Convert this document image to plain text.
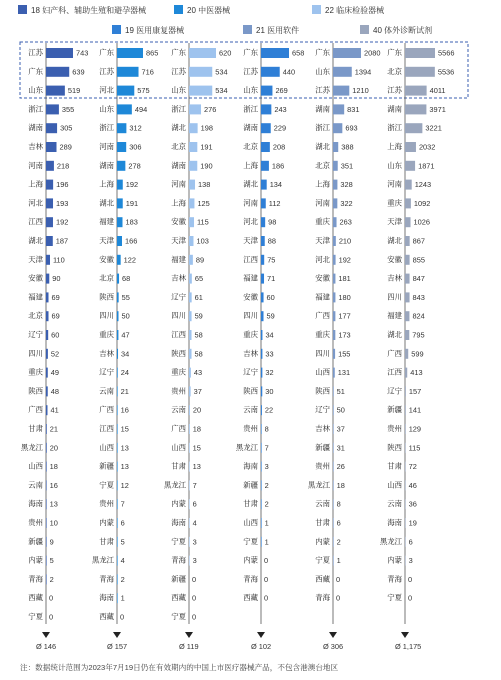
18 妇产科、辅助生殖和避孕器械	20 中医器械	22 临床检验器械
19 医用康复器械	21 医用软件	40 体外诊断试剂
江苏	743
广东	639
山东	519
浙江	355
湖南 305
吉林 289
河南 218
上海 196
河北 193
江西 192
湖北 187
天津 110
安徽 90
福建 69
北京 69
辽宁 60
四川 52
重庆 49
陕西 48
广西 41
甘肃 21
黑龙江 20
山西 18
云南 16
海南 13
贵州 10
新疆 9
内蒙 5
青海 2
西藏 0
宁夏 0
Ø 146
广东	865
江苏	716
河北	575
山东	494
浙江 312
河南 306
湖南 278
上海 192
湖北 191
福建 183
天津 166
安徽 122
北京 68
陕西 55
四川 50
重庆 47
吉林 34
辽宁 24
云南 21
广西 16
江西 15
山西 13
新疆 13
宁夏 12
贵州 7
内蒙 6
甘肃 5
黑龙江 4
青海 2
海南 1
西藏 0
Ø 157
广东	620
江苏	534
山东	534
浙江 276
湖北 198
北京 191
湖南 190
河南 138
上海 125
安徽 115
天津 103
福建 89
吉林 65
辽宁 61
四川 59
江西 58
陕西 58
重庆 43
贵州 37
云南 20
广西 18
山西 15
甘肃 13
黑龙江 7
内蒙 6
海南 4
宁夏 3
青海 3
新疆 0
西藏 0
宁夏 0
Ø 119
广东	658
江苏	440
山东 269
浙江 243
湖南 229
北京 208
上海 186
湖北 134
河南 112
河北 98
天津 88
江西 75
福建 71
安徽 60
四川 59
重庆 34
吉林 33
辽宁 32
陕西 30
云南 22
贵州 8
黑龙江 7
海南 3
新疆 2
甘肃 2
山西 1
宁夏 1
内蒙 0
青海 0
西藏 0
Ø 102
广东	2080
山东	1394
江苏	1210
湖南 831
浙江 693
湖北 388
北京 351
上海 328
河南 322
重庆 263
天津 210
河北 192
安徽 181
福建 180
广西 177
重庆 173
四川 155
山西 131
陕西 51
辽宁 50
吉林 37
新疆 31
贵州 26
黑龙江 18
云南 8
甘肃 6
内蒙 2
宁夏 1
西藏 0
青海 0
Ø 306
广东	5566
北京	5536
江苏	4011
湖南	3971
浙江	3221
上海 2032
山东 1871
河南 1243
重庆 1092
天津 1026
湖北 867
安徽 855
吉林 847
四川 843
福建 824
湖北 795
广西 599
江西 413
辽宁 157
新疆 141
贵州 129
陕西 115
甘肃 72
山西 46
云南 36
海南 19
黑龙江 6
内蒙 3
青海 0
宁夏 0
Ø 1,175
注：数据统计范围为2023年7月19日仍在有效期内的中国上市医疗器械产品，不包含港澳台地区
